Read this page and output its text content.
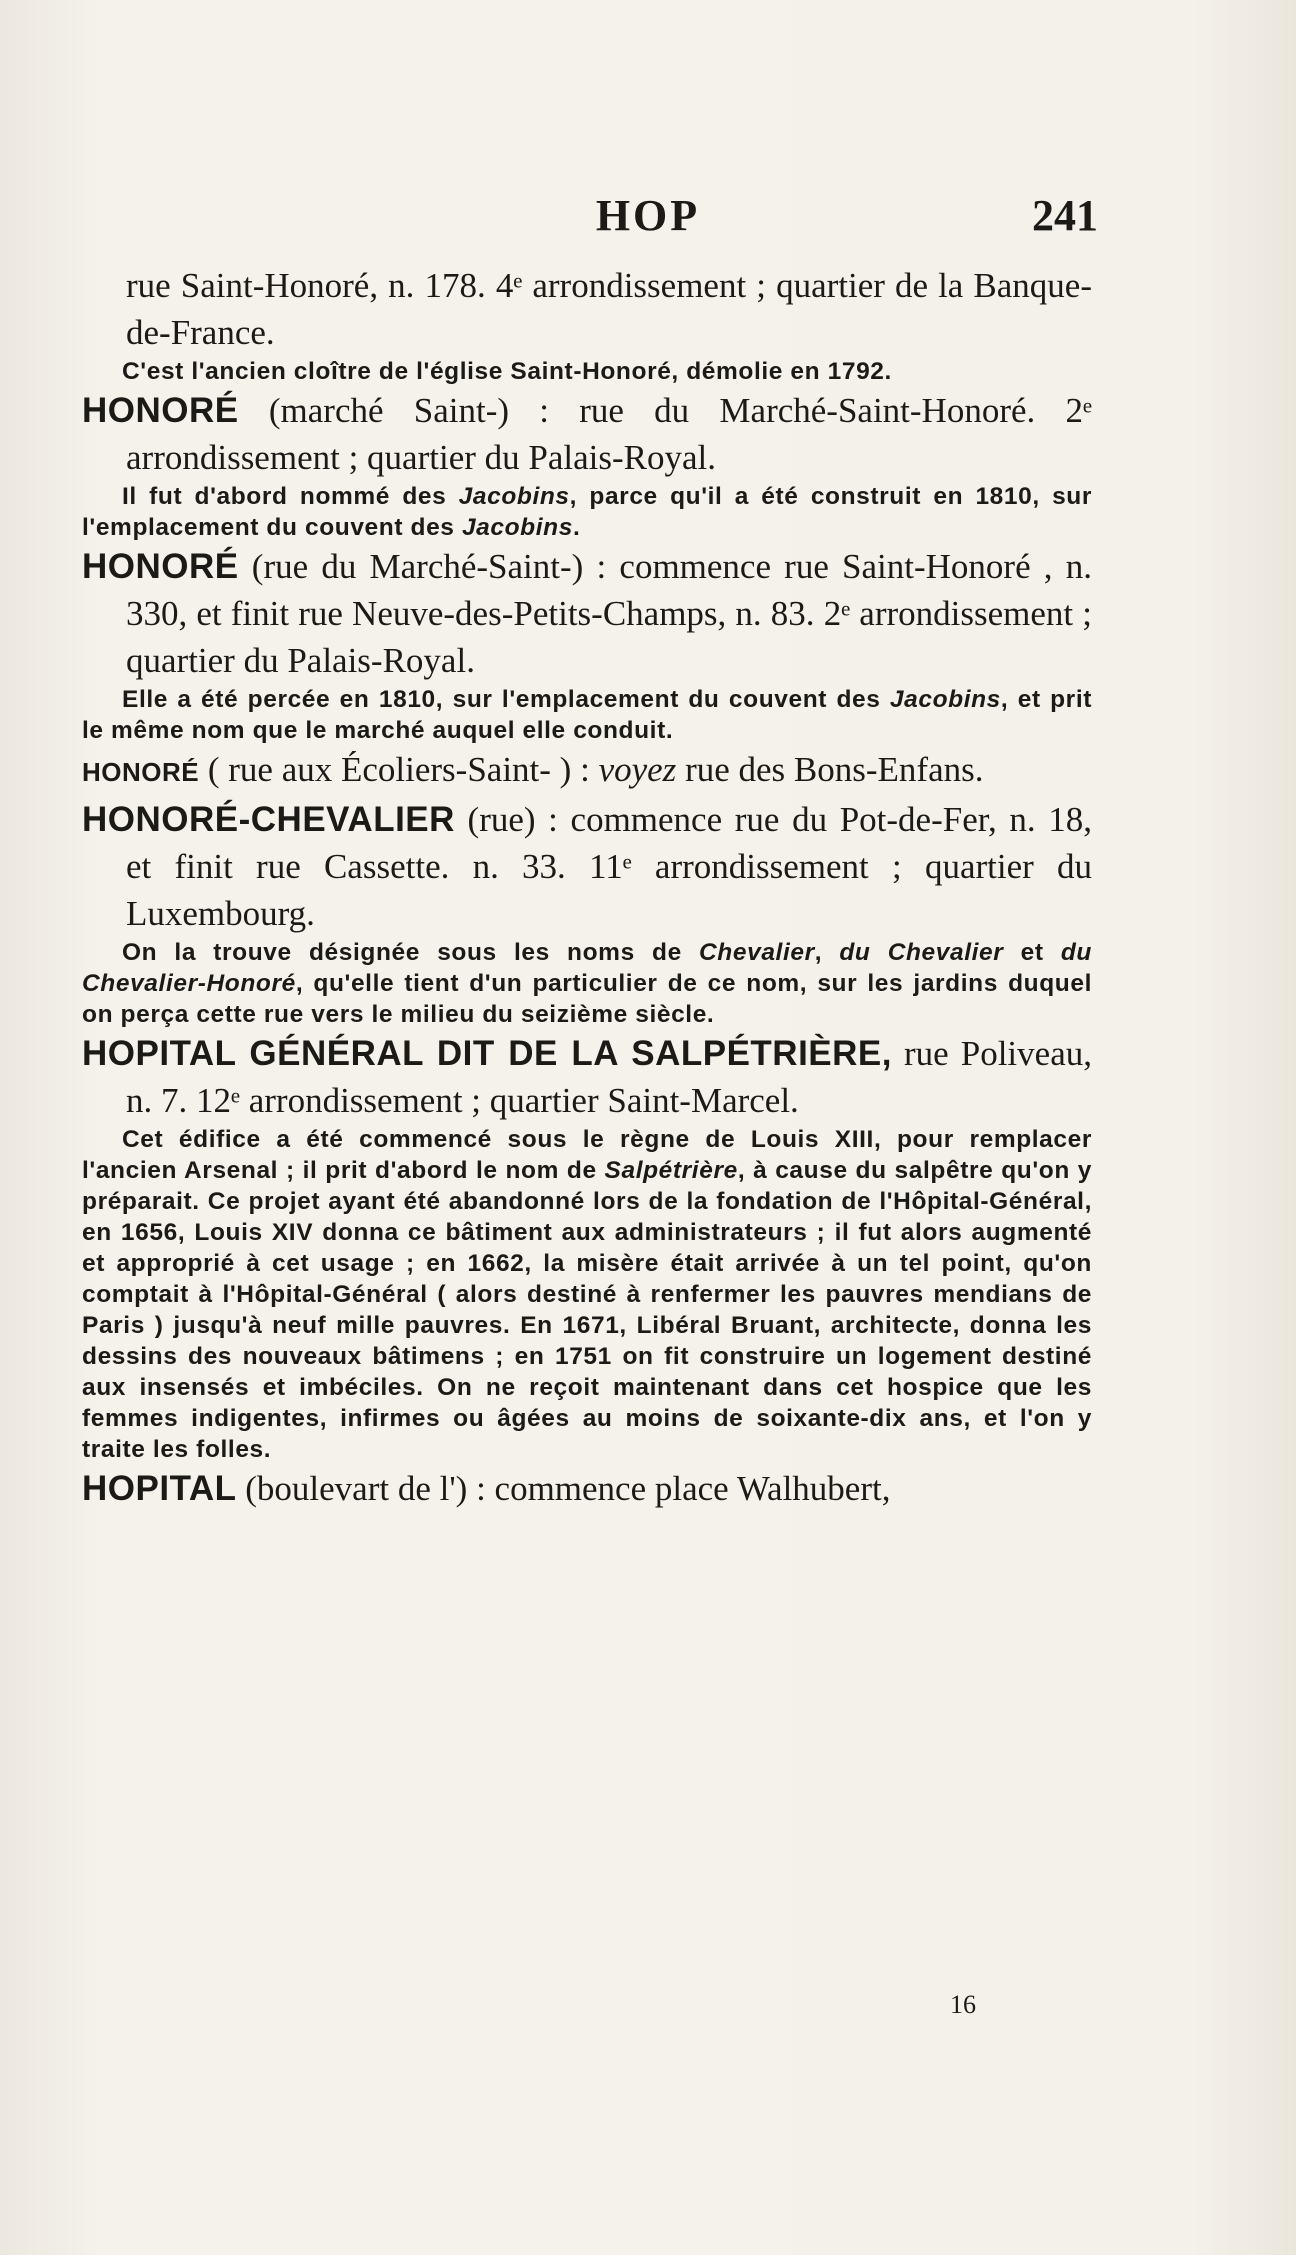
HOP	241

rue Saint-Honoré, n. 178. 4ᵉ arrondissement ; quartier de la Banque-de-France.

C'est l'ancien cloître de l'église Saint-Honoré, démolie en 1792.

HONORÉ (marché Saint-) : rue du Marché-Saint-Honoré. 2ᵉ arrondissement ; quartier du Palais-Royal.

Il fut d'abord nommé des Jacobins, parce qu'il a été construit en 1810, sur l'emplacement du couvent des Jacobins.

HONORÉ (rue du Marché-Saint-) : commence rue Saint-Honoré , n. 330, et finit rue Neuve-des-Petits-Champs, n. 83. 2ᵉ arrondissement ; quartier du Palais-Royal.

Elle a été percée en 1810, sur l'emplacement du couvent des Jacobins, et prit le même nom que le marché auquel elle conduit.

HONORÉ ( rue aux Écoliers-Saint- ) : voyez rue des Bons-Enfans.

HONORÉ-CHEVALIER (rue) : commence rue du Pot-de-Fer, n. 18, et finit rue Cassette. n. 33. 11ᵉ arrondissement ; quartier du Luxembourg.

On la trouve désignée sous les noms de Chevalier, du Chevalier et du Chevalier-Honoré, qu'elle tient d'un particulier de ce nom, sur les jardins duquel on perça cette rue vers le milieu du seizième siècle.

HOPITAL GÉNÉRAL DIT DE LA SALPÉTRIÈRE, rue Poliveau, n. 7. 12ᵉ arrondissement ; quartier Saint-Marcel.

Cet édifice a été commencé sous le règne de Louis XIII, pour remplacer l'ancien Arsenal ; il prit d'abord le nom de Salpétrière, à cause du salpêtre qu'on y préparait. Ce projet ayant été abandonné lors de la fondation de l'Hôpital-Général, en 1656, Louis XIV donna ce bâtiment aux administrateurs ; il fut alors augmenté et approprié à cet usage ; en 1662, la misère était arrivée à un tel point, qu'on comptait à l'Hôpital-Général ( alors destiné à renfermer les pauvres mendians de Paris ) jusqu'à neuf mille pauvres. En 1671, Libéral Bruant, architecte, donna les dessins des nouveaux bâtimens ; en 1751 on fit construire un logement destiné aux insensés et imbéciles. On ne reçoit maintenant dans cet hospice que les femmes indigentes, infirmes ou âgées au moins de soixante-dix ans, et l'on y traite les folles.

HOPITAL (boulevart de l') : commence place Walhubert,

16
